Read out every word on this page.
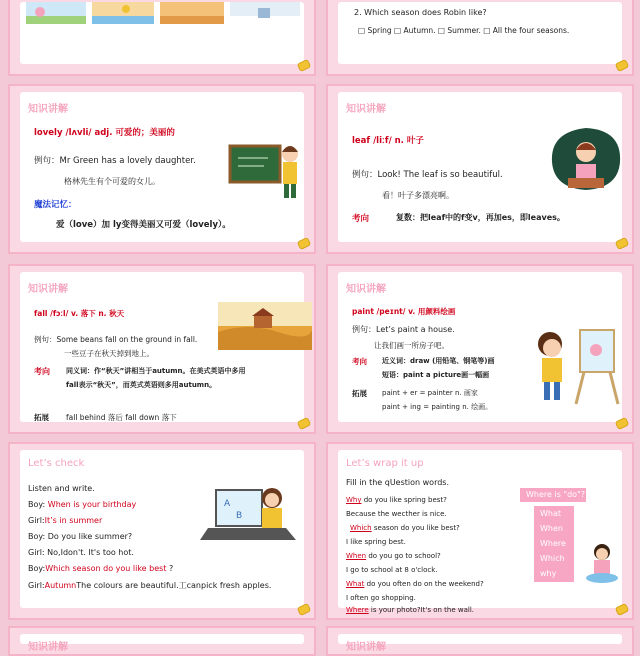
2. Which season does Robin like?
□ Spring □ Autumn. □ Summer. □ All the four seasons.
知识讲解
lovely /lʌvli/ adj. 可爱的；美丽的
例句：Mr Green has a lovely daughter.
格林先生有个可爱的女儿。
魔法记忆：
爱（love）加 ly变得美丽又可爱（lovely）。
知识讲解
leaf /liːf/ n. 叶子
例句：Look! The leaf is so beautiful.
看！叶子多漂亮啊。
考向	复数：把leaf中的f变v，再加es，即leaves。
知识讲解
fall /fɔːl/ v. 落下 n. 秋天
例句：Some beans fall on the ground in fall.
一些豆子在秋天掉到地上。
考向 同义词：作“秋天”讲相当于autumn。在美式英语中多用
fall表示“秋天”，而英式英语则多用autumn。
拓展 fall behind 落后 fall down 落下
知识讲解
paint /peɪnt/ v. 用颜料绘画
例句：Let’s paint a house.
让我们画一所房子吧。
考向 近义词：draw (用铅笔、钢笔等)画
短语：paint a picture画一幅画
拓展 paint + er = painter n. 画家
paint + ing = painting n. 绘画。
Let’s check
Listen and write.
Boy: When is your birthday
Girl:It’s in summer
Boy: Do you like summer?
Girl: No,Idon't. It's too hot.
Boy:Which season do you like best ?
Girl:AutumnThe colours are beautiful.工canpick fresh apples.
A
B
Let’s wrap it up
Fill in the qUestion words.
Why do you like spring best?
Because the wecther is nice.
Which season do you like best?
I like spring best.
When do you go to school?
I go to school at 8 o'clock.
What do you often do on the weekend?
I often go shopping.
Where is your photo?It's on the wall.
Where is "do"?
What
When
Where
Which
why
知识讲解	知识讲解
